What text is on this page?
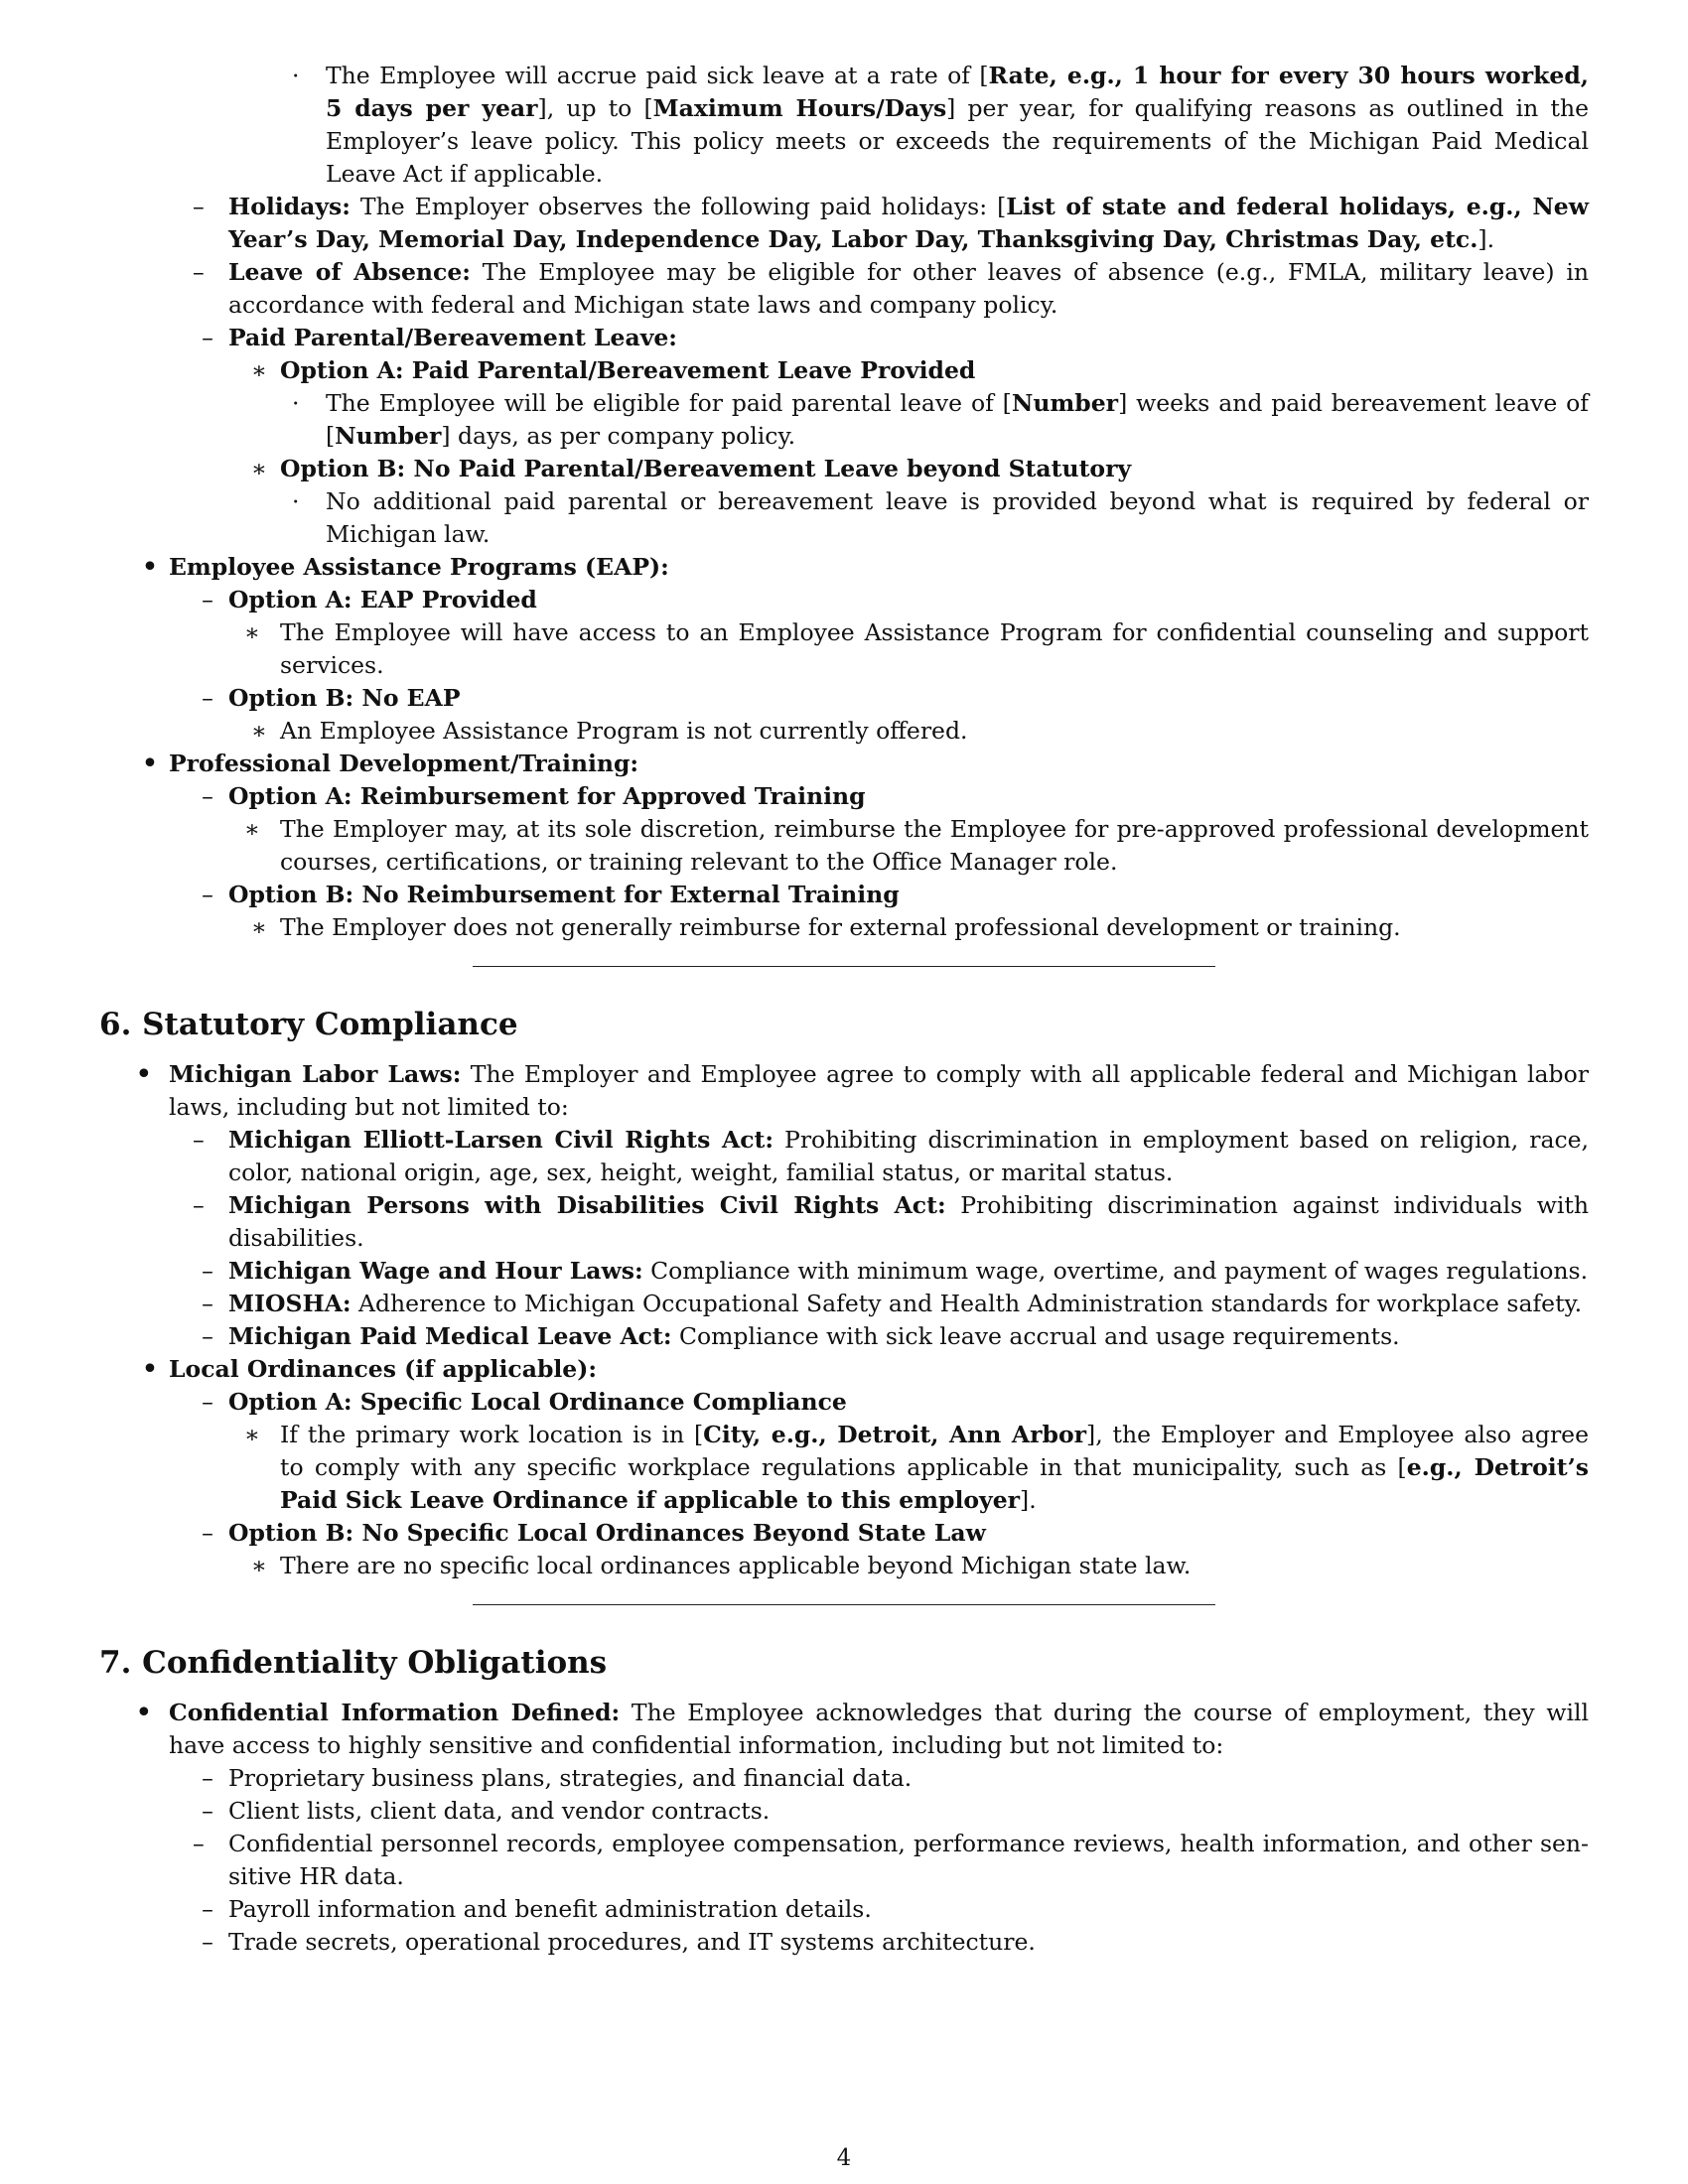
·	The Employee will accrue paid sick leave at a rate of [Rate, e.g., 1 hour for every 30 hours worked,
5 days per year], up to [Maximum Hours/Days] per year, for qualifying reasons as outlined in the
Employer’s leave policy. This policy meets or exceeds the requirements of the Michigan Paid Medical
Leave Act if applicable.
–	Holidays: The Employer observes the following paid holidays: [List of state and federal holidays, e.g., New
Year’s Day, Memorial Day, Independence Day, Labor Day, Thanksgiving Day, Christmas Day, etc.].
–	Leave of Absence: The Employee may be eligible for other leaves of absence (e.g., FMLA, military leave) in
accordance with federal and Michigan state laws and company policy.
– Paid Parental/Bereavement Leave:
∗ Option A: Paid Parental/Bereavement Leave Provided
·	The Employee will be eligible for paid parental leave of [Number] weeks and paid bereavement leave of
[Number] days, as per company policy.
∗ Option B: No Paid Parental/Bereavement Leave beyond Statutory
·	No additional paid parental or bereavement leave is provided beyond what is required by federal or
Michigan law.
• Employee Assistance Programs (EAP):
– Option A: EAP Provided
∗ The Employee will have access to an Employee Assistance Program for confidential counseling and support
services.
– Option B: No EAP
∗ An Employee Assistance Program is not currently offered.
• Professional Development/Training:
– Option A: Reimbursement for Approved Training
∗ The Employer may, at its sole discretion, reimburse the Employee for pre-approved professional development
courses, certifications, or training relevant to the Office Manager role.
– Option B: No Reimbursement for External Training
∗ The Employer does not generally reimburse for external professional development or training.
6. Statutory Compliance
• Michigan Labor Laws: The Employer and Employee agree to comply with all applicable federal and Michigan labor
laws, including but not limited to:
–	Michigan Elliott-Larsen Civil Rights Act: Prohibiting discrimination in employment based on religion, race,
color, national origin, age, sex, height, weight, familial status, or marital status.
–	Michigan Persons with Disabilities Civil Rights Act: Prohibiting discrimination against individuals with
disabilities.
– Michigan Wage and Hour Laws: Compliance with minimum wage, overtime, and payment of wages regulations.
– MIOSHA: Adherence to Michigan Occupational Safety and Health Administration standards for workplace safety.
– Michigan Paid Medical Leave Act: Compliance with sick leave accrual and usage requirements.
• Local Ordinances (if applicable):
– Option A: Specific Local Ordinance Compliance
∗ If the primary work location is in [City, e.g., Detroit, Ann Arbor], the Employer and Employee also agree
to comply with any specific workplace regulations applicable in that municipality, such as [e.g., Detroit’s
Paid Sick Leave Ordinance if applicable to this employer].
– Option B: No Specific Local Ordinances Beyond State Law
∗ There are no specific local ordinances applicable beyond Michigan state law.
7. Confidentiality Obligations
• Confidential Information Defined: The Employee acknowledges that during the course of employment, they will
have access to highly sensitive and confidential information, including but not limited to:
– Proprietary business plans, strategies, and financial data.
– Client lists, client data, and vendor contracts.
–	Confidential personnel records, employee compensation, performance reviews, health information, and other sen-
sitive HR data.
– Payroll information and benefit administration details.
– Trade secrets, operational procedures, and IT systems architecture.
4
